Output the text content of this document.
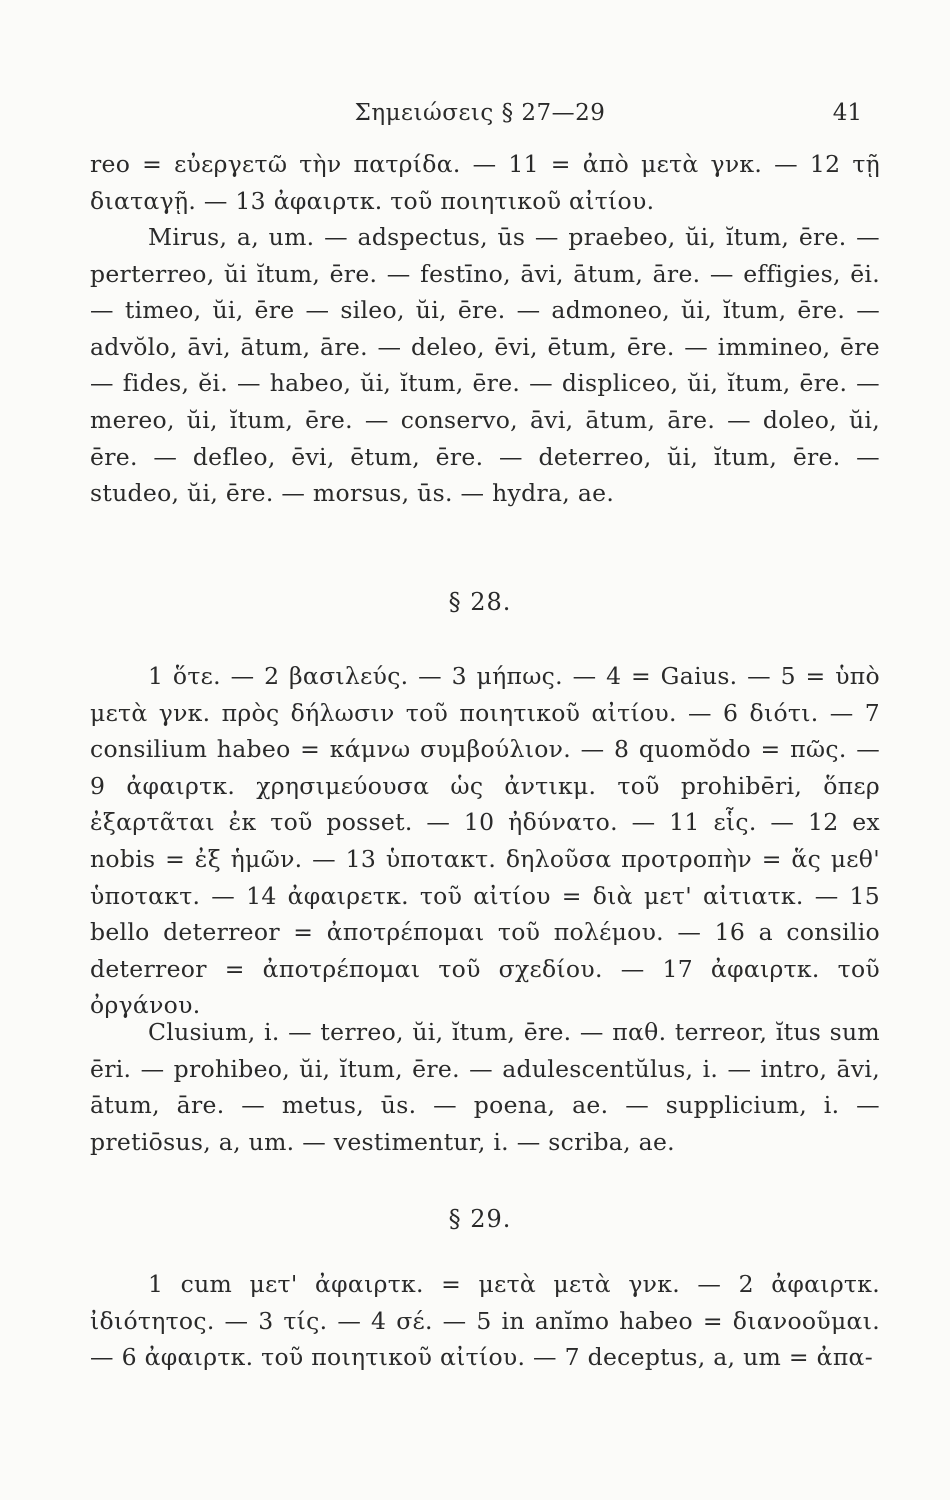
Σημειώσεις § 27—29	41

reo = εὐεργετῶ τὴν πατρίδα. — 11 = ἀπὸ μετὰ γνκ. — 12 τῇ διαταγῇ. — 13 ἀφαιρτκ. τοῦ ποιητικοῦ αἰτίου.

Mirus, a, um. — adspectus, ūs — praebeo, ŭi, ĭtum, ēre. — perterreo, ŭi ĭtum, ēre. — festīno, āvi, ātum, āre. — effigies, ēi. — timeo, ŭi, ēre — sileo, ŭi, ēre. — admoneo, ŭi, ĭtum, ēre. — advŏlo, āvi, ātum, āre. — deleo, ēvi, ētum, ēre. — immineo, ēre — fides, ĕi. — habeo, ŭi, ĭtum, ēre. — displiceo, ŭi, ĭtum, ēre. — mereo, ŭi, ĭtum, ēre. — conservo, āvi, ātum, āre. — doleo, ŭi, ēre. — defleo, ēvi, ētum, ēre. — deterreo, ŭi, ĭtum, ēre. — studeo, ŭi, ēre. — morsus, ūs. — hydra, ae.

§ 28.

1 ὅτε. — 2 βασιλεύς. — 3 μήπως. — 4 = Gaius. — 5 = ὑπὸ μετὰ γνκ. πρὸς δήλωσιν τοῦ ποιητικοῦ αἰτίου. — 6 διότι. — 7 consilium habeo = κάμνω συμβούλιον. — 8 quomŏdo = πῶς. — 9 ἀφαιρτκ. χρησιμεύουσα ὡς ἀντικμ. τοῦ prohibēri, ὅπερ ἐξαρτᾶται ἐκ τοῦ posset. — 10 ἠδύνατο. — 11 εἷς. — 12 ex nobis = ἐξ ἡμῶν. — 13 ὑποτακτ. δηλοῦσα προτροπὴν = ἅς μεθ' ὑποτακτ. — 14 ἀφαιρετκ. τοῦ αἰτίου = διὰ μετ' αἰτιατκ. — 15 bello deterreor = ἀποτρέπομαι τοῦ πολέμου. — 16 a consilio deterreor = ἀποτρέπομαι τοῦ σχεδίου. — 17 ἀφαιρτκ. τοῦ ὀργάνου.

Clusium, i. — terreo, ŭi, ĭtum, ēre. — παθ. terreor, ĭtus sum ēri. — prohibeo, ŭi, ĭtum, ēre. — adulescentŭlus, i. — intro, āvi, ātum, āre. — metus, ūs. — poena, ae. — supplicium, i. — pretiōsus, a, um. — vestimentur, i. — scriba, ae.

§ 29.

1 cum μετ' ἀφαιρτκ. = μετὰ μετὰ γνκ. — 2 ἀφαιρτκ. ἰδιότητος. — 3 τίς. — 4 σέ. — 5 in anĭmo habeo = διανοοῦμαι. — 6 ἀφαιρτκ. τοῦ ποιητικοῦ αἰτίου. — 7 deceptus, a, um = ἀπα-
